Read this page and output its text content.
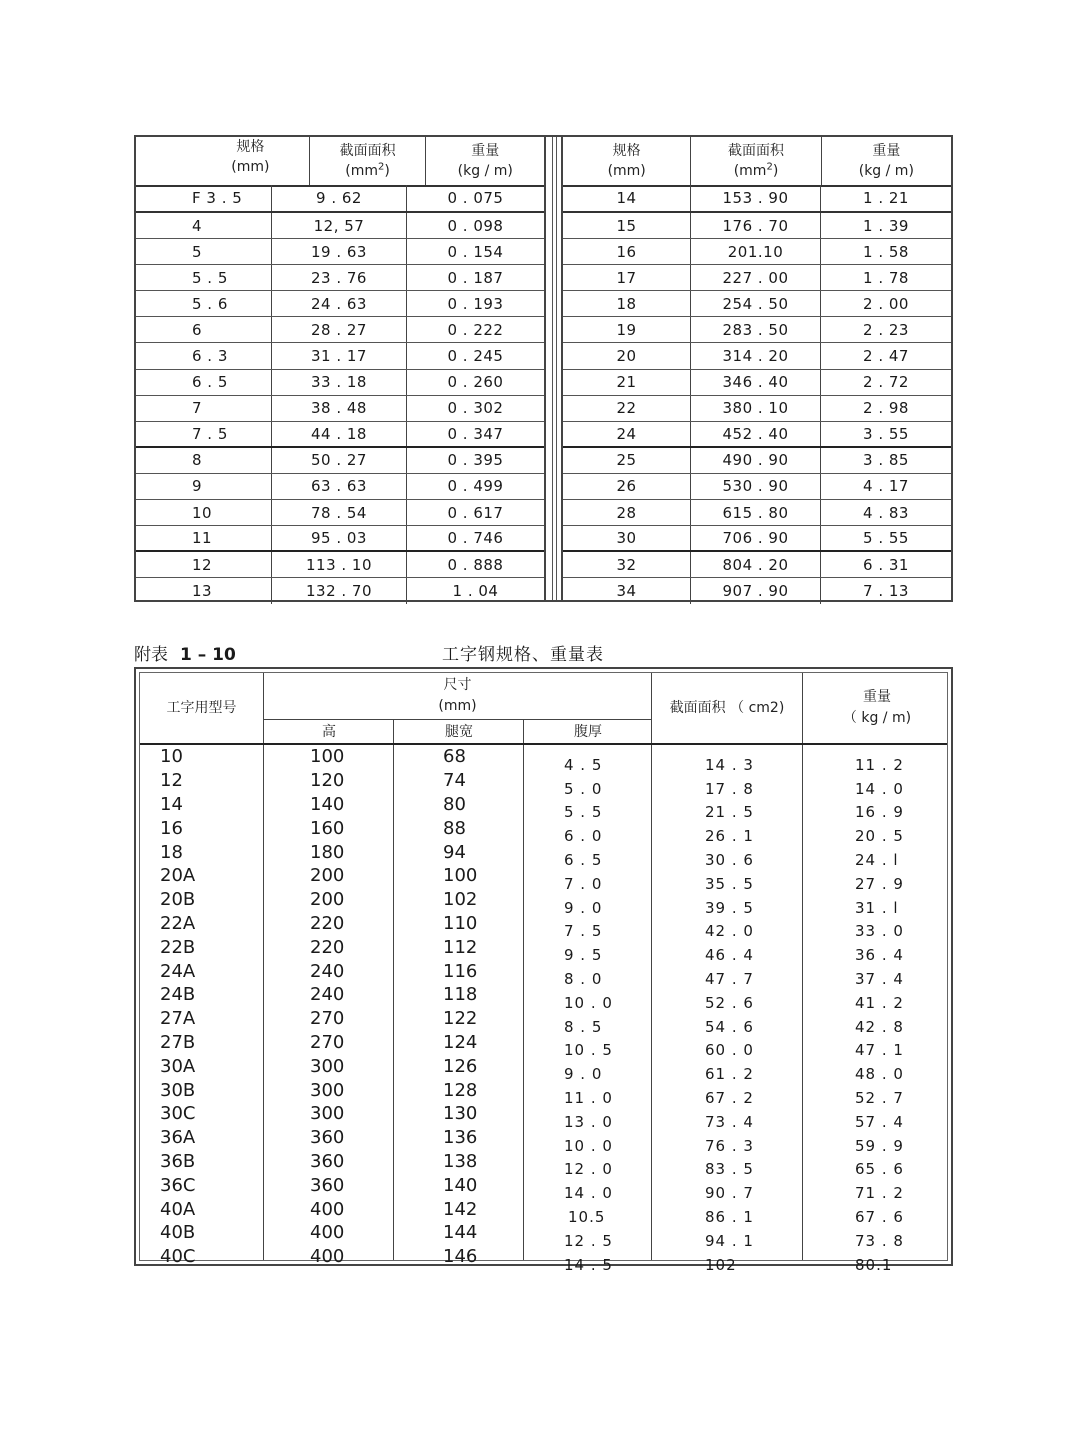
规格
(mm)
截面面积
$(mm^2)$
重量
(kg / m)
F 3 . 5	9 . 62	0 . 075
4	12, 57	0 . 098
5	19 . 63	0 . 154
5 . 5	23 . 76	0 . 187
5 . 6	24 . 63	0 . 193
6	28 . 27	0 . 222
6 . 3	31 . 17	0 . 245
6 . 5	33 . 18	0 . 260
7	38 . 48	0 . 302
7 . 5	44 . 18	0 . 347
8	50 . 27	0 . 395
9	63 . 63	0 . 499
10	78 . 54	0 . 617
11	95 . 03	0 . 746
12	113 . 10	0 . 888
13	132 . 70	1 . 04
规格
(mm)
截面面积
$(mm^2)$
重量
(kg / m)
14	153 . 90	1 . 21
15	176 . 70	1 . 39
16	201.10	1 . 58
17	227 . 00	1 . 78
18	254 . 50	2 . 00
19	283 . 50	2 . 23
20	314 . 20	2 . 47
21	346 . 40	2 . 72
22	380 . 10	2 . 98
24	452 . 40	3 . 55
25	490 . 90	3 . 85
26	530 . 90	4 . 17
28	615 . 80	4 . 83
30	706 . 90	5 . 55
32	804 . 20	6 . 31
34	907 . 90	7 . 13
附表 1 – 10	工字钢规格、重量表
工字用型号
尺寸
(mm)
高	腿宽	腹厚
截面面积 （ cm2)
重量
（ kg / m)
10	100	68	4 . 5	14 . 3	11 . 2
12	120	74	5 . 0	17 . 8	14 . 0
14	140	80	5 . 5	21 . 5	16 . 9
16	160	88	6 . 0	26 . 1	20 . 5
18	180	94	6 . 5	30 . 6	24 . l
20A	200	100	7 . 0	35 . 5	27 . 9
20B	200	102	9 . 0	39 . 5	31 . l
22A	220	110	7 . 5	42 . 0	33 . 0
22B	220	112	9 . 5	46 . 4	36 . 4
24A	240	116	8 . 0	47 . 7	37 . 4
24B	240	118	10 . 0	52 . 6	41 . 2
27A	270	122	8 . 5	54 . 6	42 . 8
27B	270	124	10 . 5	60 . 0	47 . 1
30A	300	126	9 . 0	61 . 2	48 . 0
30B	300	128	11 . 0	67 . 2	52 . 7
30C	300	130	13 . 0	73 . 4	57 . 4
36A	360	136	10 . 0	76 . 3	59 . 9
36B	360	138	12 . 0	83 . 5	65 . 6
36C	360	140	14 . 0	90 . 7	71 . 2
40A	400	142	10.5	86 . 1	67 . 6
40B	400	144	12 . 5	94 . 1	73 . 8
40C	400	146	14 . 5	102	80.1
